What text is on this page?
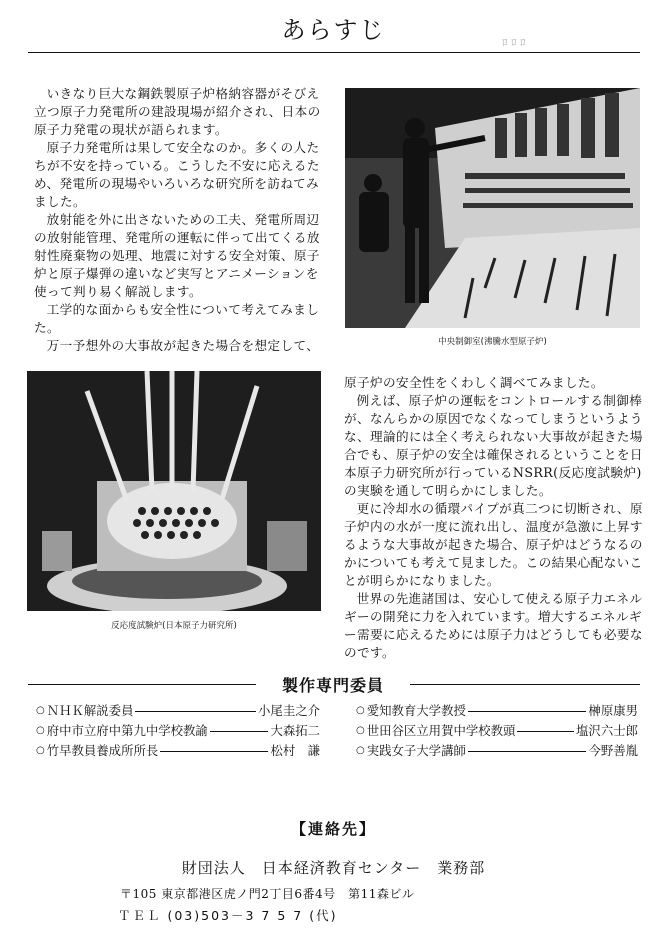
あらすじ	ﾛ ﾛ ﾛ

いきなり巨大な鋼鉄製原子炉格納容器がそびえ立つ原子力発電所の建設現場が紹介され、日本の原子力発電の現状が語られます。

原子力発電所は果して安全なのか。多くの人たちが不安を持っている。こうした不安に応えるため、発電所の現場やいろいろな研究所を訪ねてみました。

放射能を外に出さないための工夫、発電所周辺の放射能管理、発電所の運転に伴って出てくる放射性廃棄物の処理、地震に対する安全対策、原子炉と原子爆弾の違いなど実写とアニメーションを使って判り易く解説します。

工学的な面からも安全性について考えてみました。

万一予想外の大事故が起きた場合を想定して、	中央制御室(沸騰水型原子炉)
反応度試験炉(日本原子力研究所)

原子炉の安全性をくわしく調べてみました。

例えば、原子炉の運転をコントロールする制御棒が、なんらかの原因でなくなってしまうというような、理論的には全く考えられない大事故が起きた場合でも、原子炉の安全は確保されるということを日本原子力研究所が行っているNSRR(反応度試験炉)の実験を通して明らかにしました。

更に冷却水の循環パイプが真二つに切断され、原子炉内の水が一度に流れ出し、温度が急激に上昇するような大事故が起きた場合、原子炉はどうなるのかについても考えて見ました。この結果心配ないことが明らかになりました。

世界の先進諸国は、安心して使える原子力エネルギーの開発に力を入れています。増大するエネルギー需要に応えるためには原子力はどうしても必要なのです。

製作専門委員
○ ＮＨＫ解説委員	小尾圭之介
○ 府中市立府中第九中学校教諭	大森拓二
○ 竹早教員養成所所長	松村　謙
○ 愛知教育大学教授	榊原康男
○ 世田谷区立用賀中学校教頭	塩沢六士郎
○ 実践女子大学講師	今野善胤
【連絡先】
財団法人　日本経済教育センター　業務部
〒105 東京都港区虎ノ門2丁目6番4号　第11森ビル
ＴＥＬ (03)503－3 7 5 7 (代)
